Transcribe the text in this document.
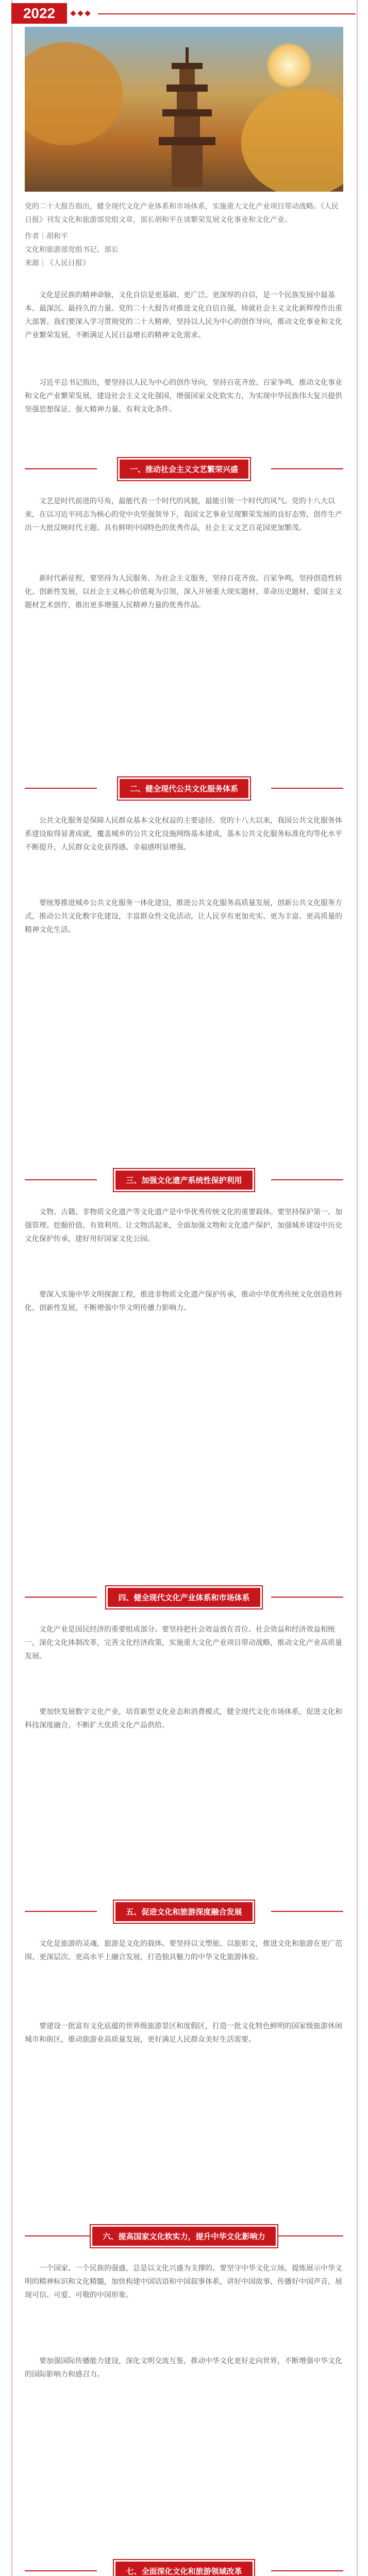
2022

党的二十大报告指出，健全现代文化产业体系和市场体系，实施重大文化产业项目带动战略。《人民日报》刊发文化和旅游部党组文章，部长胡和平在谈繁荣发展文化事业和文化产业。

作者｜胡和平
文化和旅游部党组书记、部长
来源｜《人民日报》

文化是民族的精神命脉，文化自信是更基础、更广泛、更深厚的自信，是一个民族发展中最基本、最深沉、最持久的力量。党的二十大报告对推进文化自信自强，铸就社会主义文化新辉煌作出重大部署。我们要深入学习贯彻党的二十大精神，坚持以人民为中心的创作导向，推动文化事业和文化产业繁荣发展，不断满足人民日益增长的精神文化需求。

习近平总书记指出，要坚持以人民为中心的创作导向，坚持百花齐放、百家争鸣，推动文化事业和文化产业繁荣发展，建设社会主义文化强国，增强国家文化软实力，为实现中华民族伟大复兴提供坚强思想保证、强大精神力量、有利文化条件。

一、推动社会主义文艺繁荣兴盛

文艺是时代前进的号角，最能代表一个时代的风貌，最能引领一个时代的风气。党的十八大以来，在以习近平同志为核心的党中央坚强领导下，我国文艺事业呈现繁荣发展的良好态势，创作生产出一大批反映时代主题、具有鲜明中国特色的优秀作品，社会主义文艺百花园更加繁茂。

新时代新征程，要坚持为人民服务、为社会主义服务，坚持百花齐放、百家争鸣，坚持创造性转化、创新性发展，以社会主义核心价值观为引领，深入开展重大现实题材、革命历史题材、爱国主义题材艺术创作，推出更多增强人民精神力量的优秀作品。

二、健全现代公共文化服务体系

公共文化服务是保障人民群众基本文化权益的主要途径。党的十八大以来，我国公共文化服务体系建设取得显著成就，覆盖城乡的公共文化设施网络基本建成，基本公共文化服务标准化均等化水平不断提升，人民群众文化获得感、幸福感明显增强。

要统筹推进城乡公共文化服务一体化建设，推进公共文化服务高质量发展，创新公共文化服务方式，推动公共文化数字化建设，丰富群众性文化活动，让人民享有更加充实、更为丰富、更高质量的精神文化生活。

三、加强文化遗产系统性保护利用

文物、古籍、非物质文化遗产等文化遗产是中华优秀传统文化的重要载体。要坚持保护第一、加强管理、挖掘价值、有效利用、让文物活起来，全面加强文物和文化遗产保护，加强城乡建设中历史文化保护传承，建好用好国家文化公园。

要深入实施中华文明探源工程，推进非物质文化遗产保护传承，推动中华优秀传统文化创造性转化、创新性发展，不断增强中华文明传播力影响力。

四、健全现代文化产业体系和市场体系

文化产业是国民经济的重要组成部分。要坚持把社会效益放在首位、社会效益和经济效益相统一，深化文化体制改革，完善文化经济政策，实施重大文化产业项目带动战略，推动文化产业高质量发展。

要加快发展数字文化产业，培育新型文化业态和消费模式，健全现代文化市场体系，促进文化和科技深度融合，不断扩大优质文化产品供给。

五、促进文化和旅游深度融合发展

文化是旅游的灵魂，旅游是文化的载体。要坚持以文塑旅、以旅彰文，推进文化和旅游在更广范围、更深层次、更高水平上融合发展，打造独具魅力的中华文化旅游体验。

要建设一批富有文化底蕴的世界级旅游景区和度假区，打造一批文化特色鲜明的国家级旅游休闲城市和街区，推动旅游业高质量发展，更好满足人民群众美好生活需要。

六、提高国家文化软实力，提升中华文化影响力

一个国家、一个民族的强盛，总是以文化兴盛为支撑的。要坚守中华文化立场，提炼展示中华文明的精神标识和文化精髓，加快构建中国话语和中国叙事体系，讲好中国故事、传播好中国声音，展现可信、可爱、可敬的中国形象。

要加强国际传播能力建设，深化文明交流互鉴，推动中华文化更好走向世界，不断增强中华文化的国际影响力和感召力。

七、全面深化文化和旅游领域改革
